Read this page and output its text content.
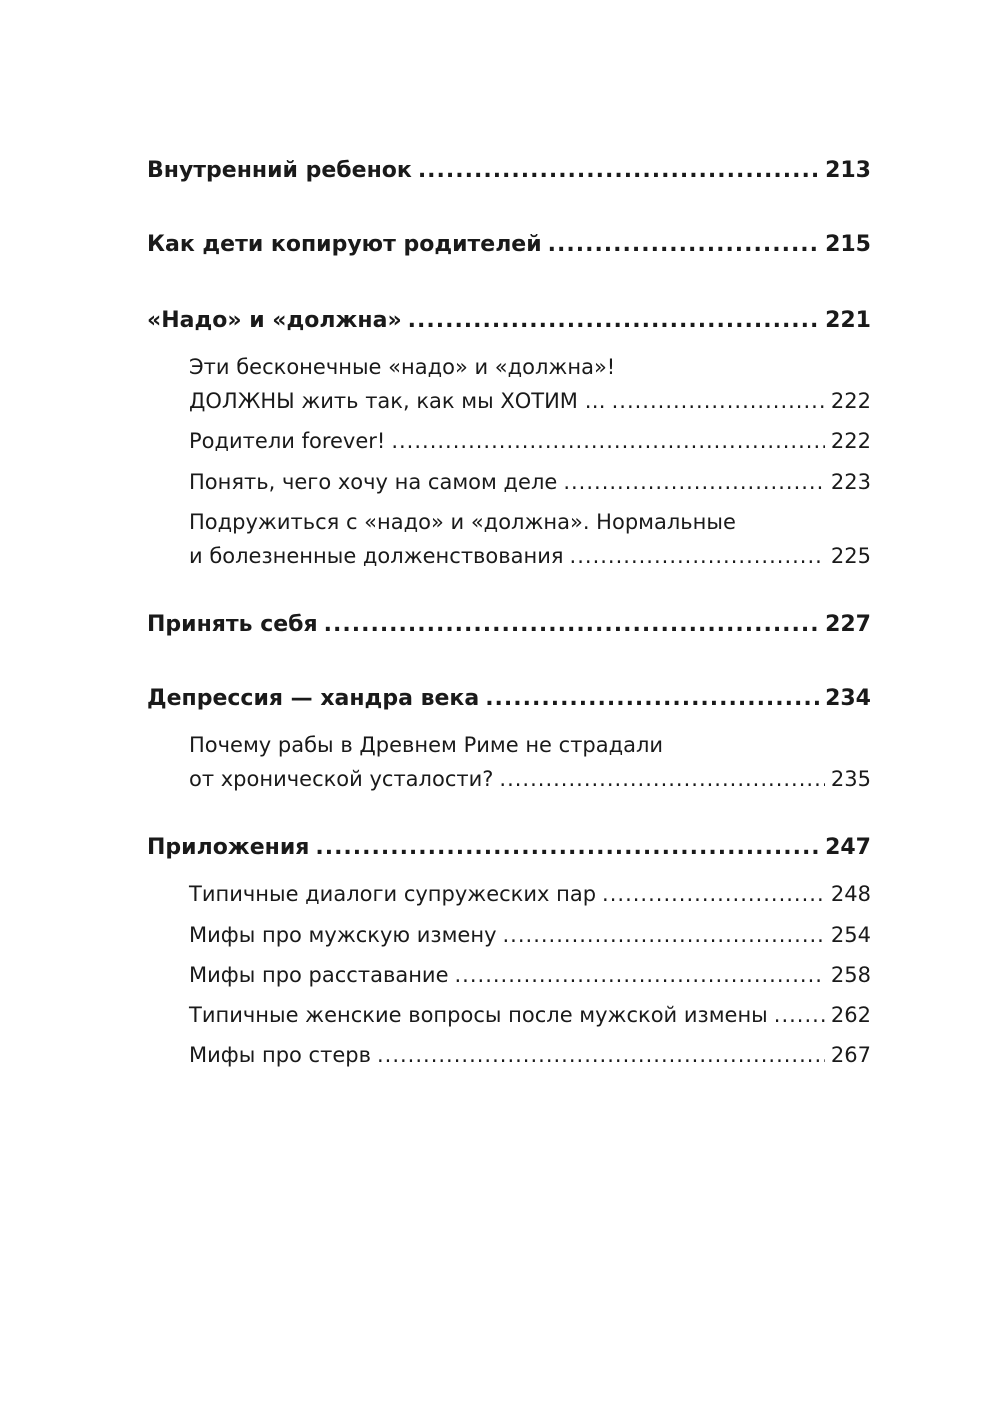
Внутренний ребенок .....	213
Как дети копируют родителей .....	215
«Надо» и «должна» .....	221
Эти бесконечные «надо» и «должна»!
ДОЛЖНЫ жить так, как мы ХОТИМ … .....	222
Родители forever! .....	222
Понять, чего хочу на самом деле .....	223
Подружиться с «надо» и «должна». Нормальные
и болезненные долженствования .....	225
Принять себя .....	227
Депрессия — хандра века .....	234
Почему рабы в Древнем Риме не страдали
от хронической усталости? .....	235
Приложения .....	247
Типичные диалоги супружеских пар .....	248
Мифы про мужскую измену .....	254
Мифы про расставание .....	258
Типичные женские вопросы после мужской измены .....	262
Мифы про стерв .....	267
